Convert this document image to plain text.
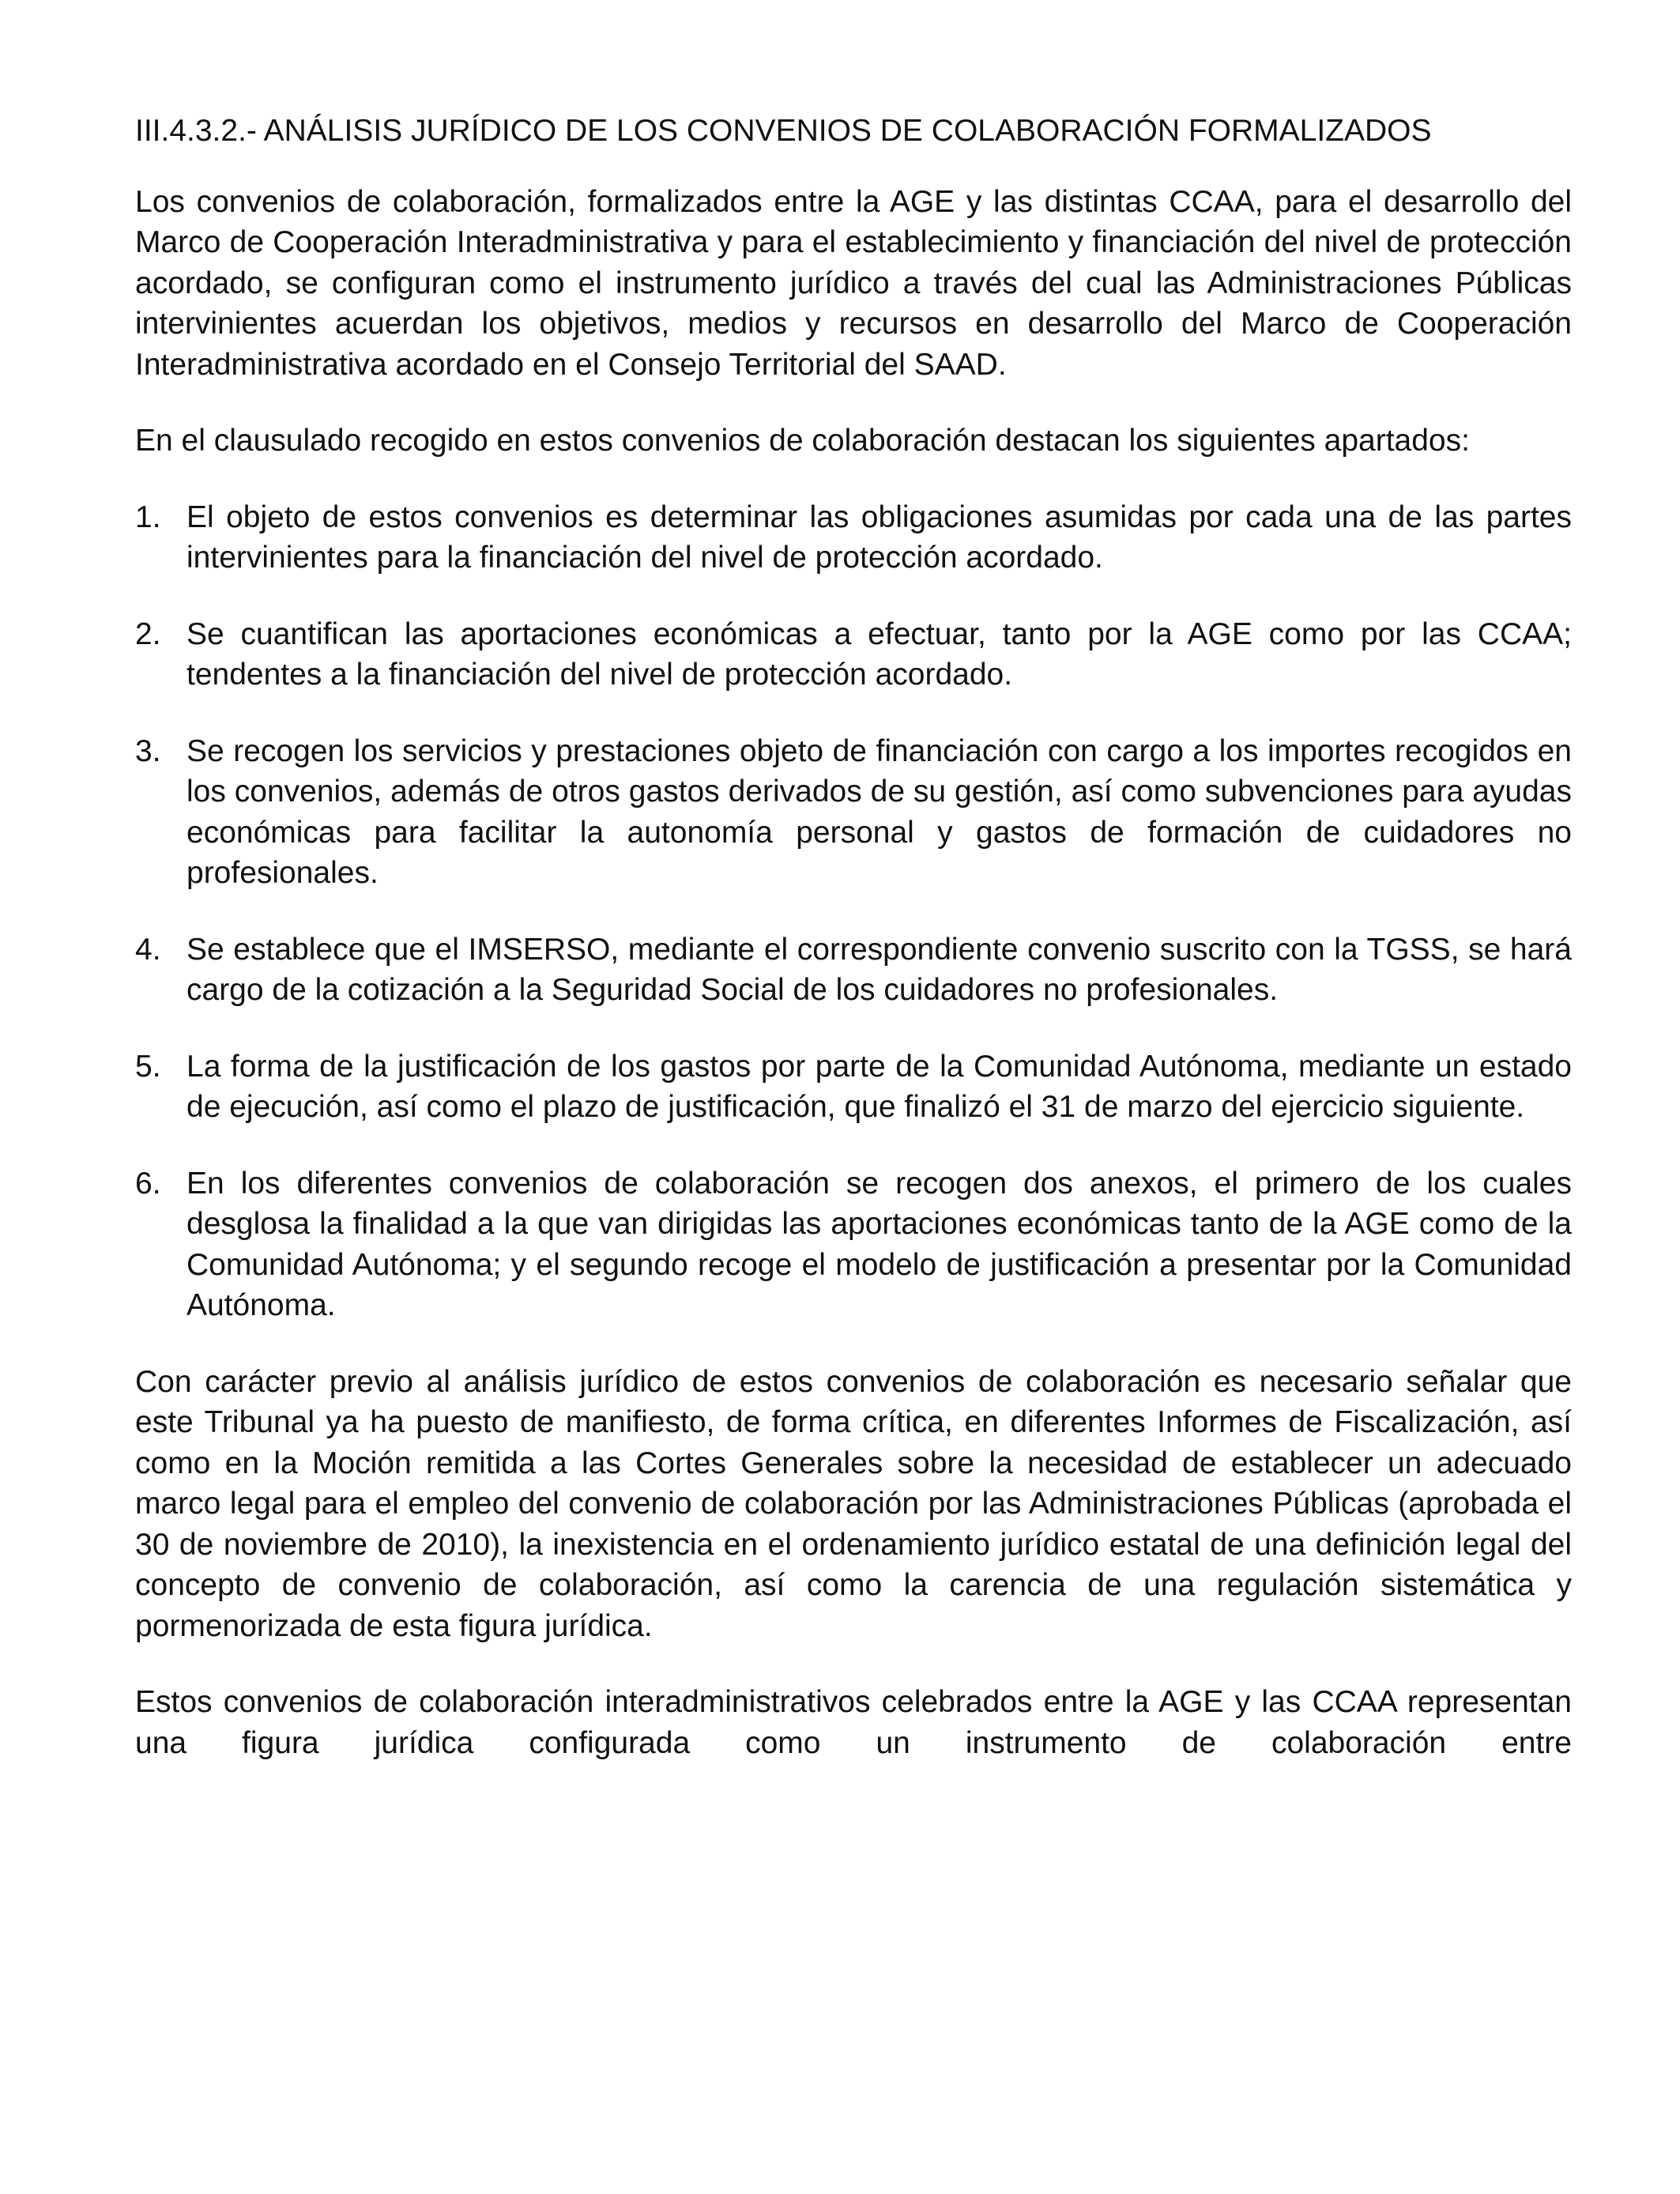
III.4.3.2.- ANÁLISIS JURÍDICO DE LOS CONVENIOS DE COLABORACIÓN FORMALIZADOS

Los convenios de colaboración, formalizados entre la AGE y las distintas CCAA, para el desarrollo del Marco de Cooperación Interadministrativa y para el establecimiento y financiación del nivel de protección acordado, se configuran como el instrumento jurídico a través del cual las Administraciones Públicas intervinientes acuerdan los objetivos, medios y recursos en desarrollo del Marco de Cooperación Interadministrativa acordado en el Consejo Territorial del SAAD.

En el clausulado recogido en estos convenios de colaboración destacan los siguientes apartados:

1. El objeto de estos convenios es determinar las obligaciones asumidas por cada una de las partes intervinientes para la financiación del nivel de protección acordado.
2. Se cuantifican las aportaciones económicas a efectuar, tanto por la AGE como por las CCAA; tendentes a la financiación del nivel de protección acordado.
3. Se recogen los servicios y prestaciones objeto de financiación con cargo a los importes recogidos en los convenios, además de otros gastos derivados de su gestión, así como subvenciones para ayudas económicas para facilitar la autonomía personal y gastos de formación de cuidadores no profesionales.
4. Se establece que el IMSERSO, mediante el correspondiente convenio suscrito con la TGSS, se hará cargo de la cotización a la Seguridad Social de los cuidadores no profesionales.
5. La forma de la justificación de los gastos por parte de la Comunidad Autónoma, mediante un estado de ejecución, así como el plazo de justificación, que finalizó el 31 de marzo del ejercicio siguiente.
6. En los diferentes convenios de colaboración se recogen dos anexos, el primero de los cuales desglosa la finalidad a la que van dirigidas las aportaciones económicas tanto de la AGE como de la Comunidad Autónoma; y el segundo recoge el modelo de justificación a presentar por la Comunidad Autónoma.

Con carácter previo al análisis jurídico de estos convenios de colaboración es necesario señalar que este Tribunal ya ha puesto de manifiesto, de forma crítica, en diferentes Informes de Fiscalización, así como en la Moción remitida a las Cortes Generales sobre la necesidad de establecer un adecuado marco legal para el empleo del convenio de colaboración por las Administraciones Públicas (aprobada el 30 de noviembre de 2010), la inexistencia en el ordenamiento jurídico estatal de una definición legal del concepto de convenio de colaboración, así como la carencia de una regulación sistemática y pormenorizada de esta figura jurídica.

Estos convenios de colaboración interadministrativos celebrados entre la AGE y las CCAA representan una figura jurídica configurada como un instrumento de colaboración entre
